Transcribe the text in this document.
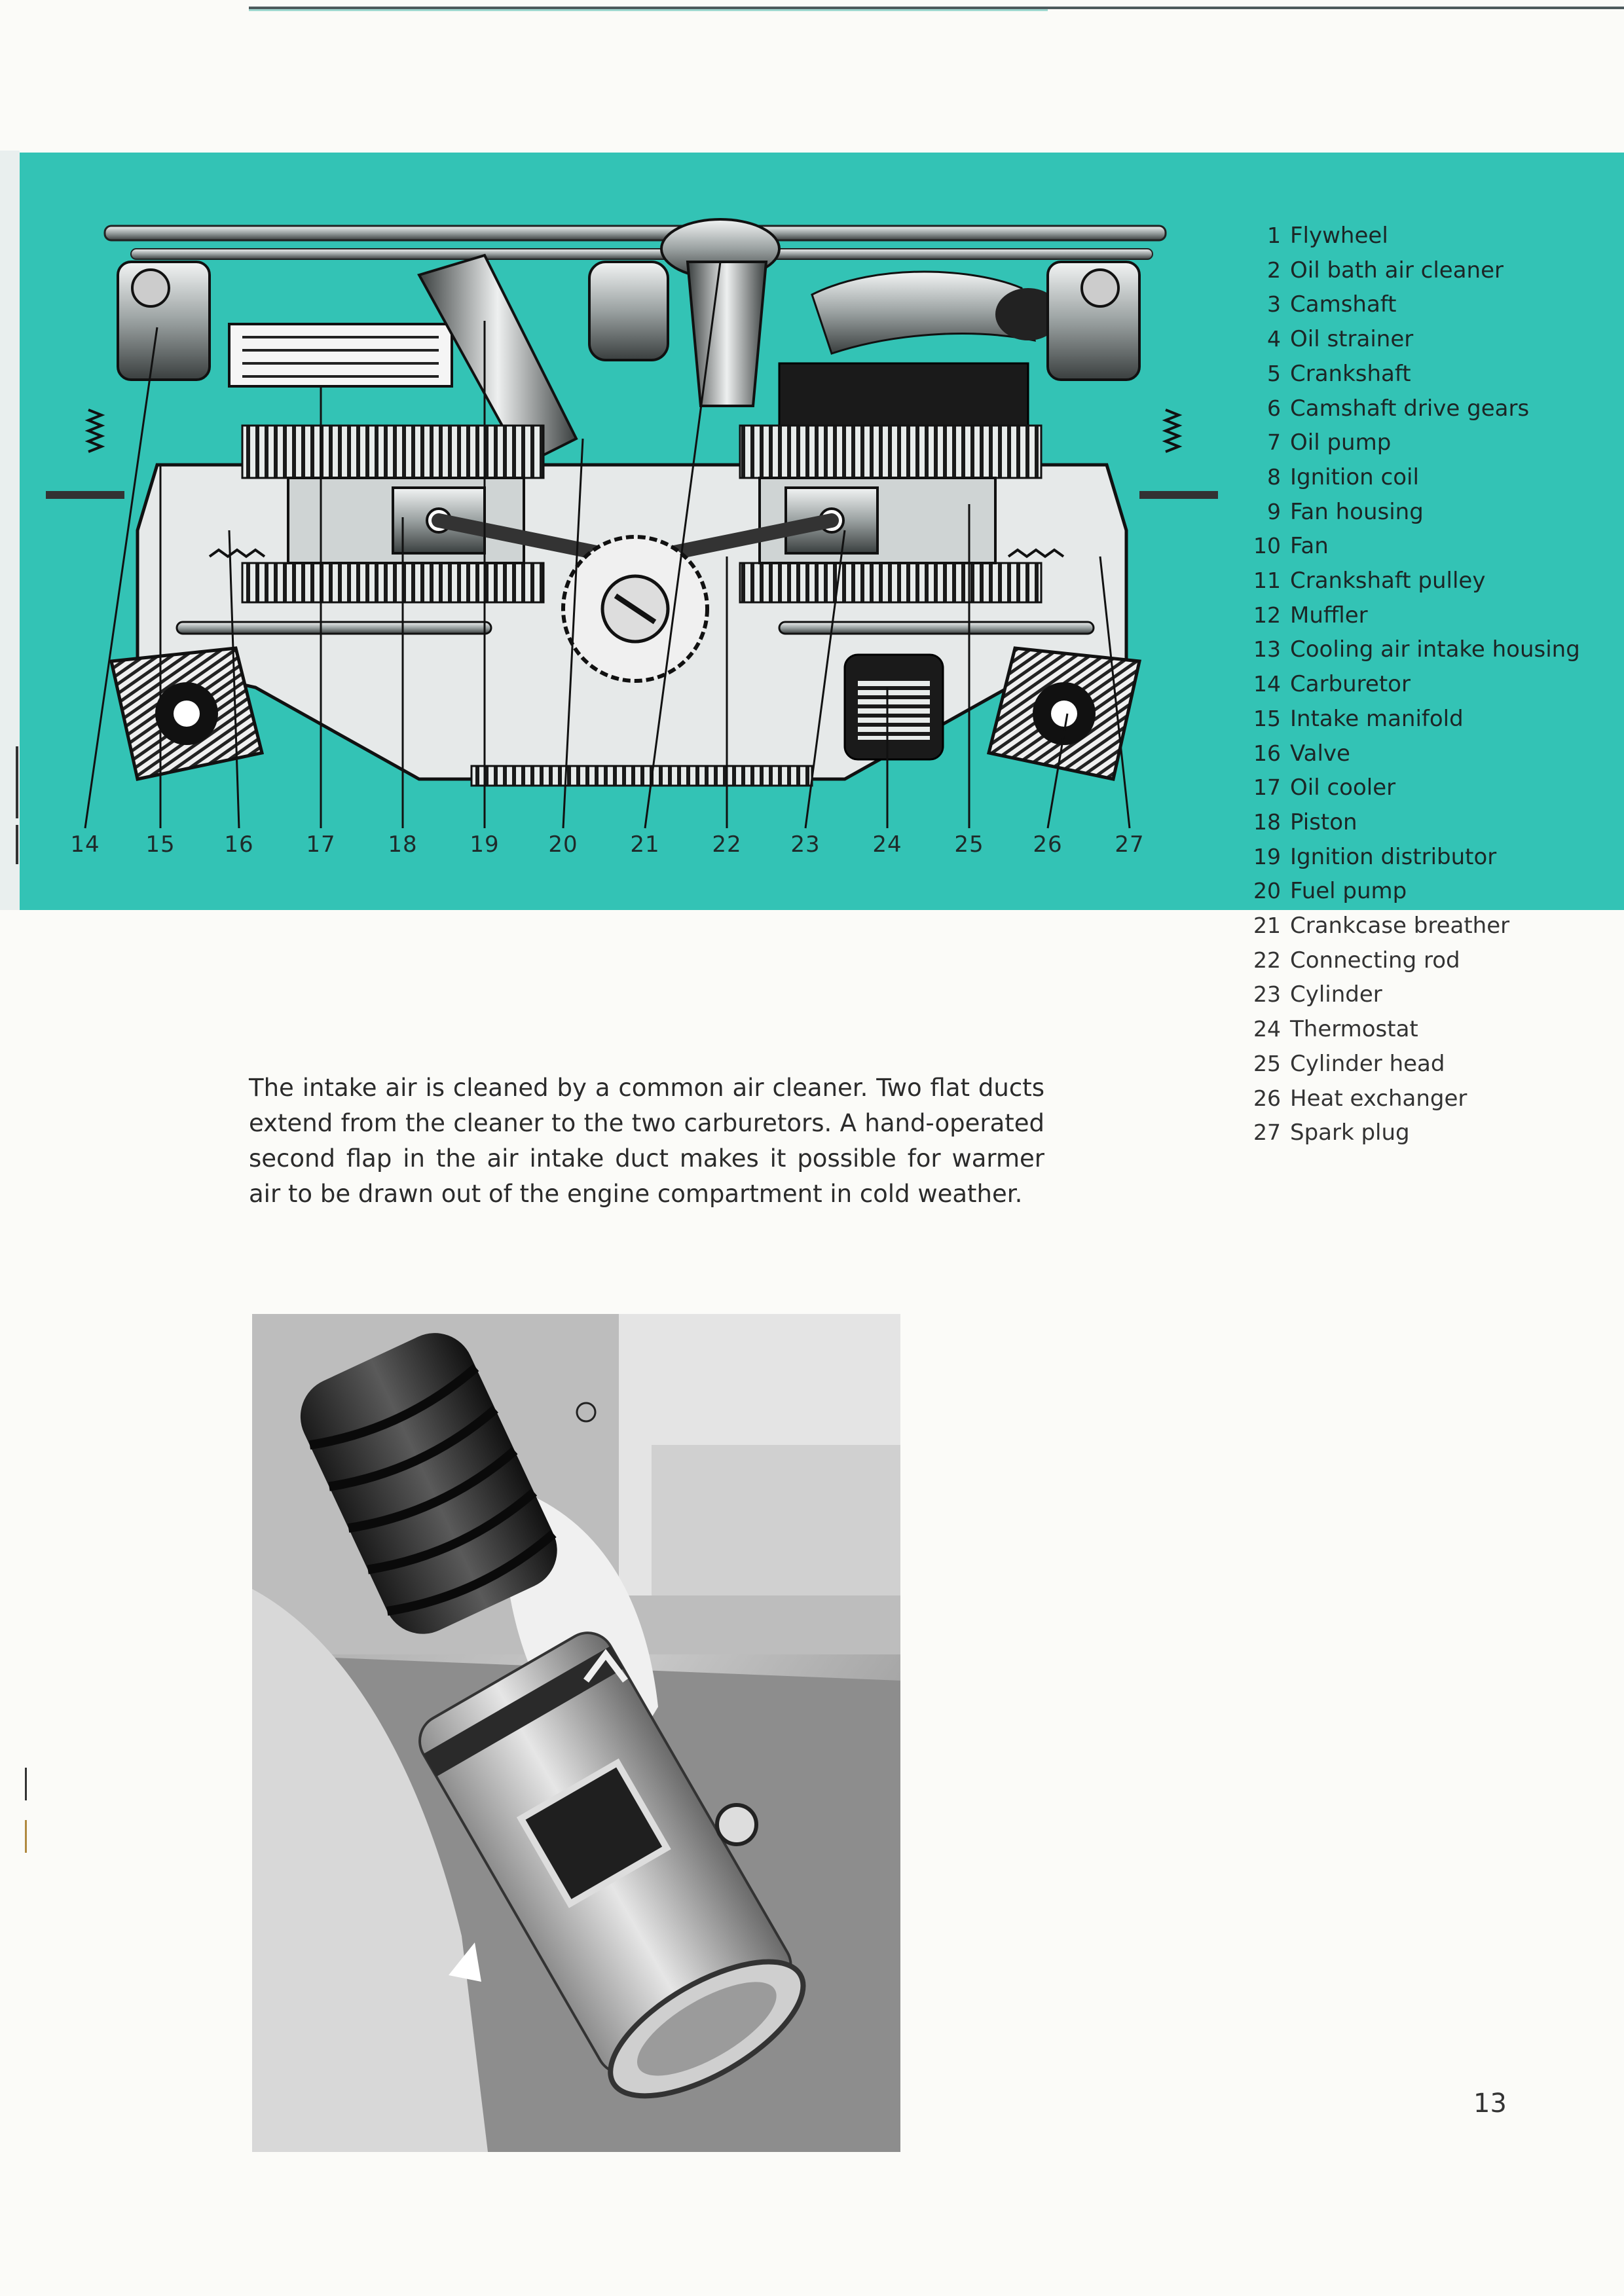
14 15 16 17 18 19 20 21 22 23 24 25 26 27
1 Flywheel
2 Oil bath air cleaner
3 Camshaft
4 Oil strainer
5 Crankshaft
6 Camshaft drive gears
7 Oil pump
8 Ignition coil
9 Fan housing
10 Fan
11 Crankshaft pulley
12 Muffler
13 Cooling air intake housing
14 Carburetor
15 Intake manifold
16 Valve
17 Oil cooler
18 Piston
19 Ignition distributor
20 Fuel pump
21 Crankcase breather
22 Connecting rod
23 Cylinder
24 Thermostat
25 Cylinder head
26 Heat exchanger
27 Spark plug

The intake air is cleaned by a common air cleaner. Two flat ducts extend from the cleaner to the two carburetors. A hand-operated second flap in the air intake duct makes it possible for warmer air to be drawn out of the engine compartment in cold weather.

13
